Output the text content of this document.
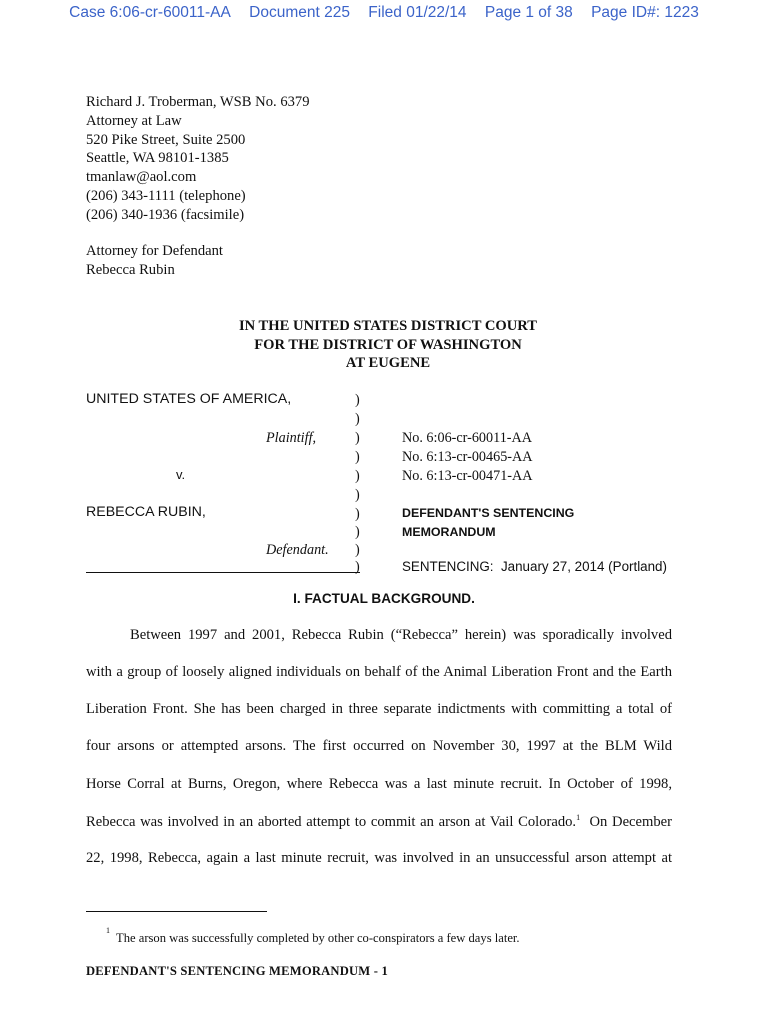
Case 6:06-cr-60011-AA Document 225 Filed 01/22/14 Page 1 of 38 Page ID#: 1223
Richard J. Troberman, WSB No. 6379
Attorney at Law
520 Pike Street, Suite 2500
Seattle, WA 98101-1385
tmanlaw@aol.com
(206) 343-1111 (telephone)
(206) 340-1936 (facsimile)
Attorney for Defendant
Rebecca Rubin
IN THE UNITED STATES DISTRICT COURT
FOR THE DISTRICT OF WASHINGTON
AT EUGENE
UNITED STATES OF AMERICA,
Plaintiff,
v.
REBECCA RUBIN,
Defendant.
)
)
)
)
)
)
)
)
)
)
No. 6:06-cr-60011-AA
No. 6:13-cr-00465-AA
No. 6:13-cr-00471-AA
DEFENDANT'S SENTENCING
MEMORANDUM
SENTENCING: January 27, 2014 (Portland)
I. FACTUAL BACKGROUND.
Between 1997 and 2001, Rebecca Rubin (“Rebecca” herein) was sporadically involved
with a group of loosely aligned individuals on behalf of the Animal Liberation Front and the Earth
Liberation Front. She has been charged in three separate indictments with committing a total of
four arsons or attempted arsons. The first occurred on November 30, 1997 at the BLM Wild
Horse Corral at Burns, Oregon, where Rebecca was a last minute recruit. In October of 1998,
Rebecca was involved in an aborted attempt to commit an arson at Vail Colorado.$^1$ On December
22, 1998, Rebecca, again a last minute recruit, was involved in an unsuccessful arson attempt at
$^1$The arson was successfully completed by other co-conspirators a few days later.
DEFENDANT'S SENTENCING MEMORANDUM - 1
